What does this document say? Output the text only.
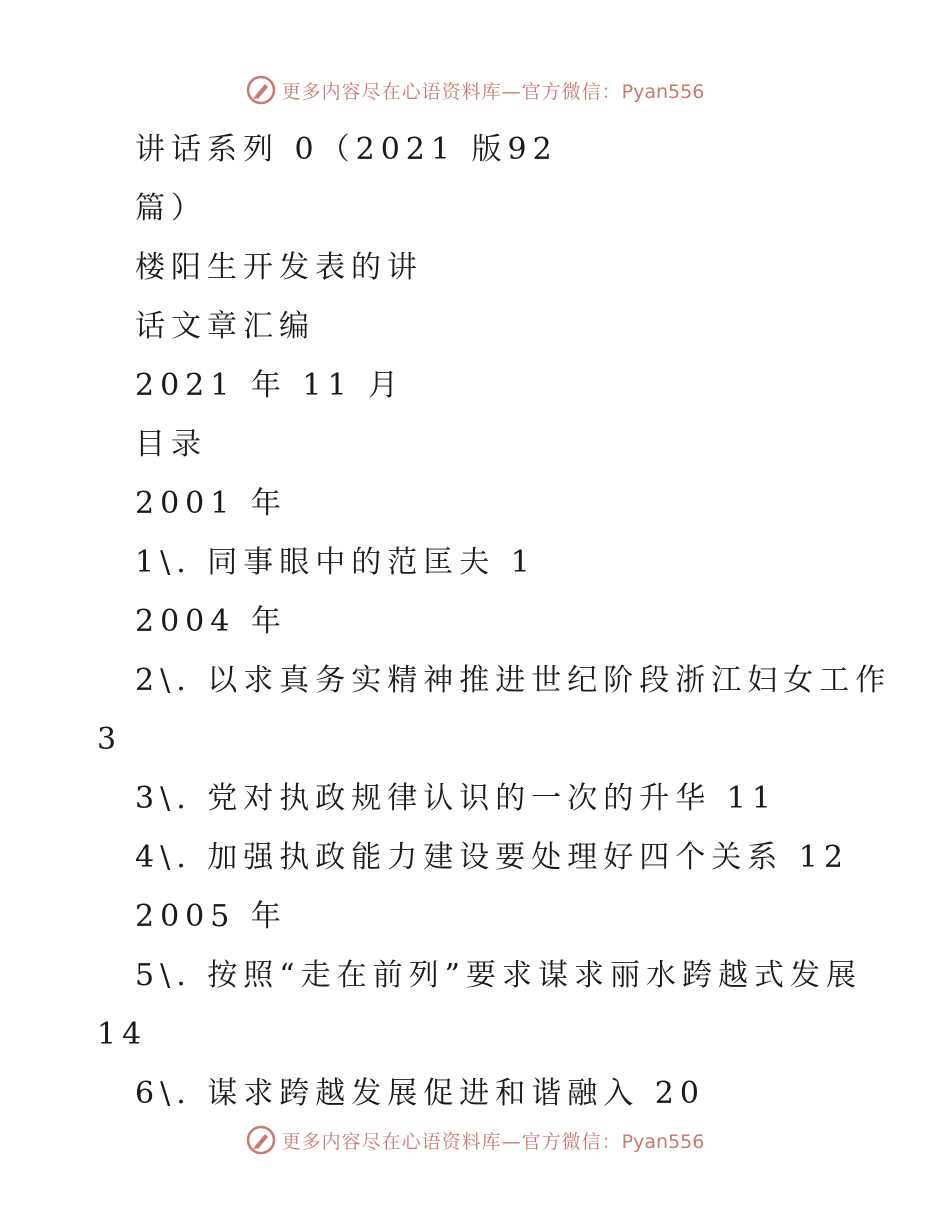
更多内容尽在心语资料库—官方微信：Pyan556
讲话系列 0（2021 版92
篇）
楼阳生开发表的讲
话文章汇编
2021 年 11 月
目录
2001 年
1\. 同事眼中的范匡夫 1
2004 年
2\. 以求真务实精神推进世纪阶段浙江妇女工作
3
3\. 党对执政规律认识的一次的升华 11
4\. 加强执政能力建设要处理好四个关系 12
2005 年
5\. 按照“走在前列”要求谋求丽水跨越式发展
14
6\. 谋求跨越发展促进和谐融入 20
更多内容尽在心语资料库—官方微信：Pyan556
